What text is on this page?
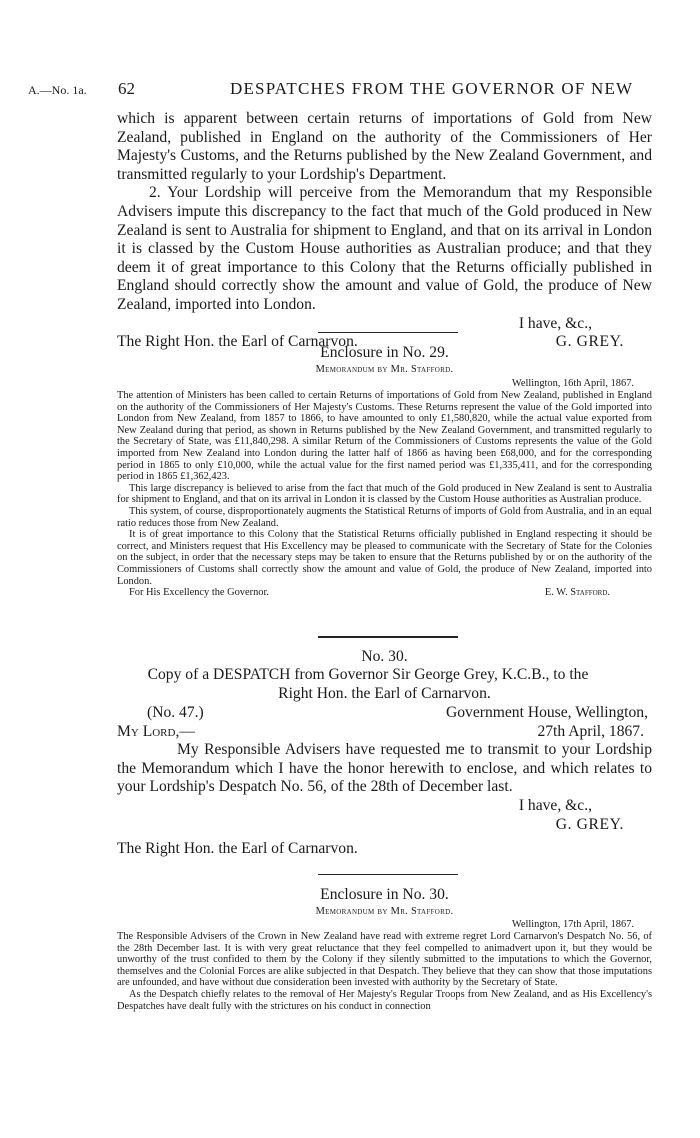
A.—No. 1a. 62	DESPATCHES FROM THE GOVERNOR OF NEW

which is apparent between certain returns of importations of Gold from New Zealand, published in England on the authority of the Commissioners of Her Majesty's Customs, and the Returns published by the New Zealand Government, and transmitted regularly to your Lordship's Department.

2. Your Lordship will perceive from the Memorandum that my Responsible Advisers impute this discrepancy to the fact that much of the Gold produced in New Zealand is sent to Australia for shipment to England, and that on its arrival in London it is classed by the Custom House authorities as Australian produce; and that they deem it of great importance to this Colony that the Returns officially published in England should correctly show the amount and value of Gold, the produce of New Zealand, imported into London.

I have, &c.,
The Right Hon. the Earl of Carnarvon.	G. GREY.
Enclosure in No. 29.
Memorandum by Mr. Stafford.
Wellington, 16th April, 1867.

The attention of Ministers has been called to certain Returns of importations of Gold from New Zealand, published in England on the authority of the Commissioners of Her Majesty's Customs. These Returns represent the value of the Gold imported into London from New Zealand, from 1857 to 1866, to have amounted to only £1,580,820, while the actual value exported from New Zealand during that period, as shown in Returns published by the New Zealand Government, and transmitted regularly to the Secretary of State, was £11,840,298. A similar Return of the Commissioners of Customs represents the value of the Gold imported from New Zealand into London during the latter half of 1866 as having been £68,000, and for the corresponding period in 1865 to only £10,000, while the actual value for the first named period was £1,335,411, and for the corresponding period in 1865 £1,362,423.

This large discrepancy is believed to arise from the fact that much of the Gold produced in New Zealand is sent to Australia for shipment to England, and that on its arrival in London it is classed by the Custom House authorities as Australian produce.

This system, of course, disproportionately augments the Statistical Returns of imports of Gold from Australia, and in an equal ratio reduces those from New Zealand.

It is of great importance to this Colony that the Statistical Returns officially published in England respecting it should be correct, and Ministers request that His Excellency may be pleased to communicate with the Secretary of State for the Colonies on the subject, in order that the necessary steps may be taken to ensure that the Returns published by or on the authority of the Commissioners of Customs shall correctly show the amount and value of Gold, the produce of New Zealand, imported into London.

For His Excellency the Governor.	E. W. Stafford.
No. 30.
Copy of a DESPATCH from Governor Sir George Grey, K.C.B., to the
Right Hon. the Earl of Carnarvon.
(No. 47.)	Government House, Wellington,
My Lord,—	27th April, 1867.

My Responsible Advisers have requested me to transmit to your Lordship the Memorandum which I have the honor herewith to enclose, and which relates to your Lordship's Despatch No. 56, of the 28th of December last.

I have, &c.,
G. GREY.
The Right Hon. the Earl of Carnarvon.
Enclosure in No. 30.
Memorandum by Mr. Stafford.
Wellington, 17th April, 1867.

The Responsible Advisers of the Crown in New Zealand have read with extreme regret Lord Carnarvon's Despatch No. 56, of the 28th December last. It is with very great reluctance that they feel compelled to animadvert upon it, but they would be unworthy of the trust confided to them by the Colony if they silently submitted to the imputations to which the Governor, themselves and the Colonial Forces are alike subjected in that Despatch. They believe that they can show that those imputations are unfounded, and have without due consideration been invested with authority by the Secretary of State.

As the Despatch chiefly relates to the removal of Her Majesty's Regular Troops from New Zealand, and as His Excellency's Despatches have dealt fully with the strictures on his conduct in connection
